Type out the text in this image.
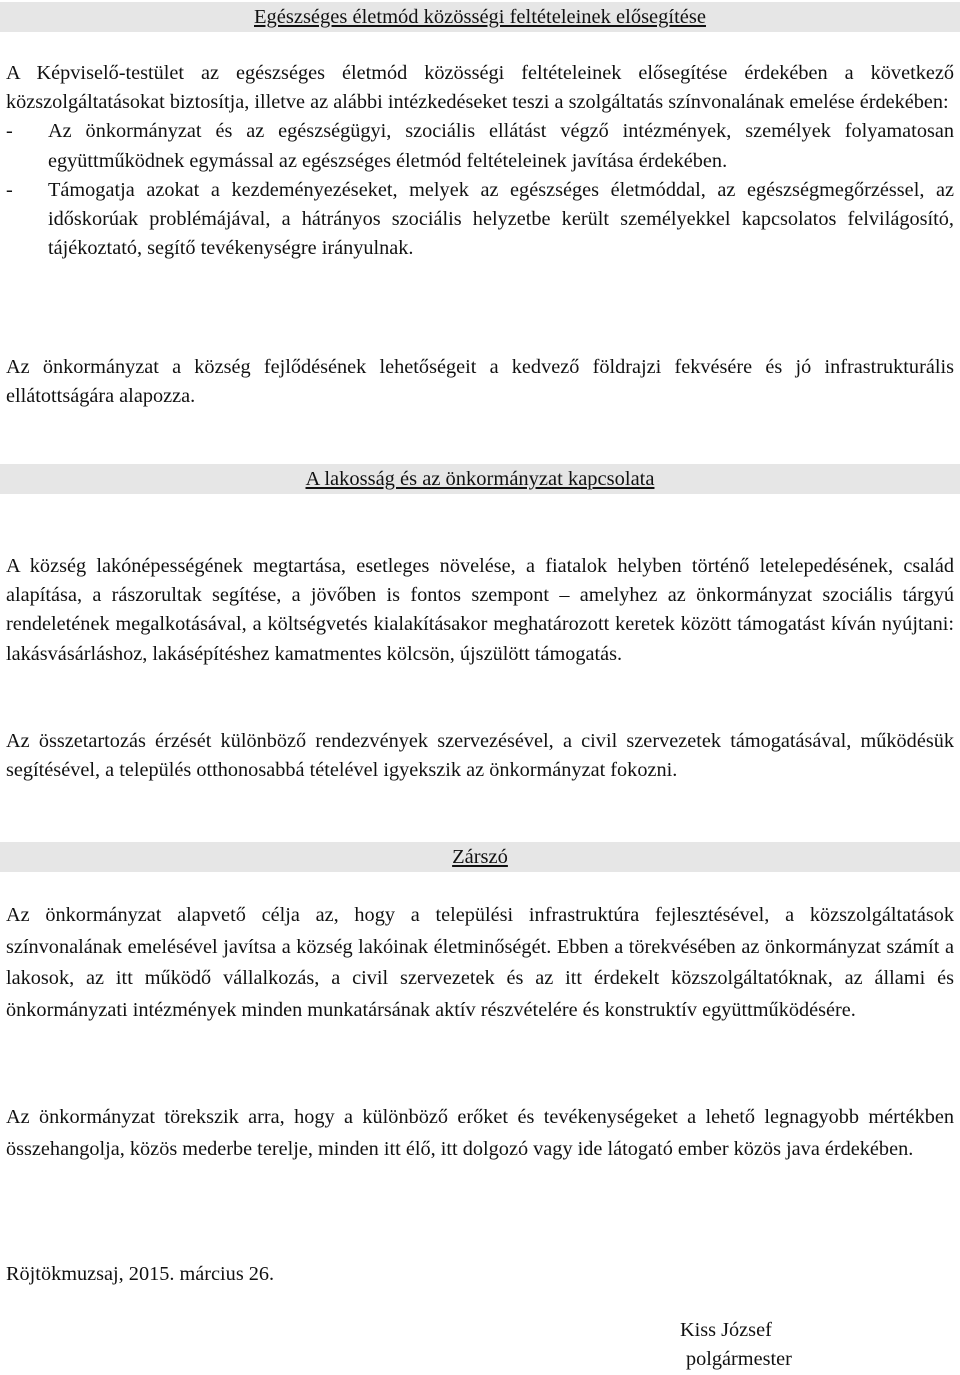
Egészséges életmód közösségi feltételeinek elősegítése

A Képviselő-testület az egészséges életmód közösségi feltételeinek elősegítése érdekében a következő közszolgáltatásokat biztosítja, illetve az alábbi intézkedéseket teszi a szolgáltatás színvonalának emelése érdekében:

-	Az önkormányzat és az egészségügyi, szociális ellátást végző intézmények, személyek folyamatosan együttműködnek egymással az egészséges életmód feltételeinek javítása érdekében.
-	Támogatja azokat a kezdeményezéseket, melyek az egészséges életmóddal, az egészségmegőrzéssel, az időskorúak problémájával, a hátrányos szociális helyzetbe került személyekkel kapcsolatos felvilágosító, tájékoztató, segítő tevékenységre irányulnak.

Az önkormányzat a község fejlődésének lehetőségeit a kedvező földrajzi fekvésére és jó infrastrukturális ellátottságára alapozza.

A lakosság és az önkormányzat kapcsolata

A község lakónépességének megtartása, esetleges növelése, a fiatalok helyben történő letelepedésének, család alapítása, a rászorultak segítése, a jövőben is fontos szempont – amelyhez az önkormányzat szociális tárgyú rendeletének megalkotásával, a költségvetés kialakításakor meghatározott keretek között támogatást kíván nyújtani: lakásvásárláshoz, lakásépítéshez kamatmentes kölcsön, újszülött támogatás.

Az összetartozás érzését különböző rendezvények szervezésével, a civil szervezetek támogatásával, működésük segítésével, a település otthonosabbá tételével igyekszik az önkormányzat fokozni.

Zárszó

Az önkormányzat alapvető célja az, hogy a települési infrastruktúra fejlesztésével, a közszolgáltatások színvonalának emelésével javítsa a község lakóinak életminőségét. Ebben a törekvésében az önkormányzat számít a lakosok, az itt működő vállalkozás, a civil szervezetek és az itt érdekelt közszolgáltatóknak, az állami és önkormányzati intézmények minden munkatársának aktív részvételére és konstruktív együttműködésére.

Az önkormányzat törekszik arra, hogy a különböző erőket és tevékenységeket a lehető legnagyobb mértékben összehangolja, közös mederbe terelje, minden itt élő, itt dolgozó vagy ide látogató ember közös java érdekében.

Röjtökmuzsaj, 2015. március 26.
Kiss József
polgármester
